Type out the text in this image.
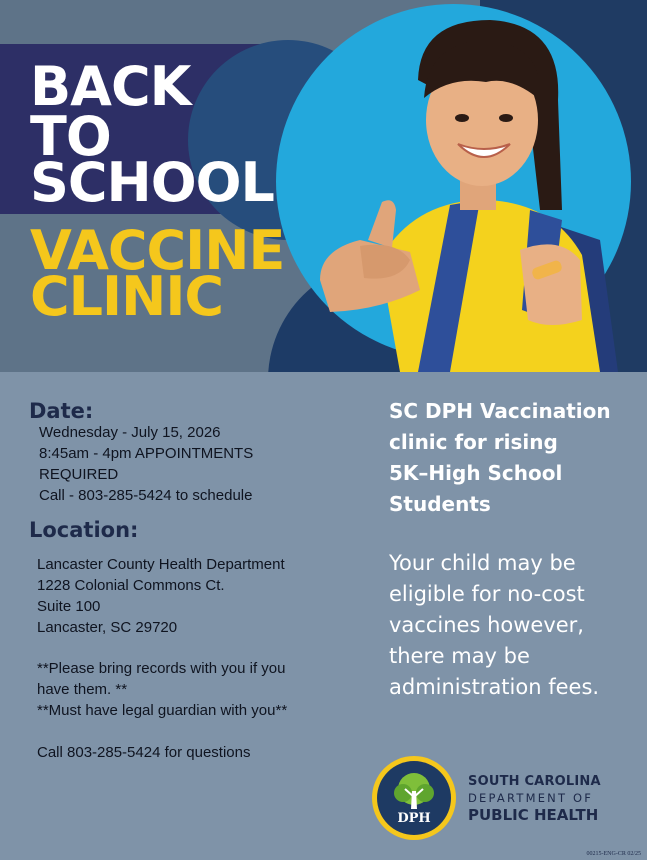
BACK
TO
SCHOOL
VACCINE
CLINIC
Date:
Wednesday - July 15, 2026
8:45am - 4pm APPOINTMENTS
REQUIRED
Call - 803-285-5424 to schedule
Location:
Lancaster County Health Department
1228 Colonial Commons Ct.
Suite 100
Lancaster, SC 29720
**Please bring records with you if you
have them. **
**Must have legal guardian with you**
Call 803-285-5424 for questions
SC DPH Vaccination
clinic for rising
5K–High School
Students
Your child may be
eligible for no-cost
vaccines however,
there may be
administration fees.
DPH
SOUTH CAROLINA
DEPARTMENT OF
PUBLIC HEALTH
00215-ENG-CR 02/25
